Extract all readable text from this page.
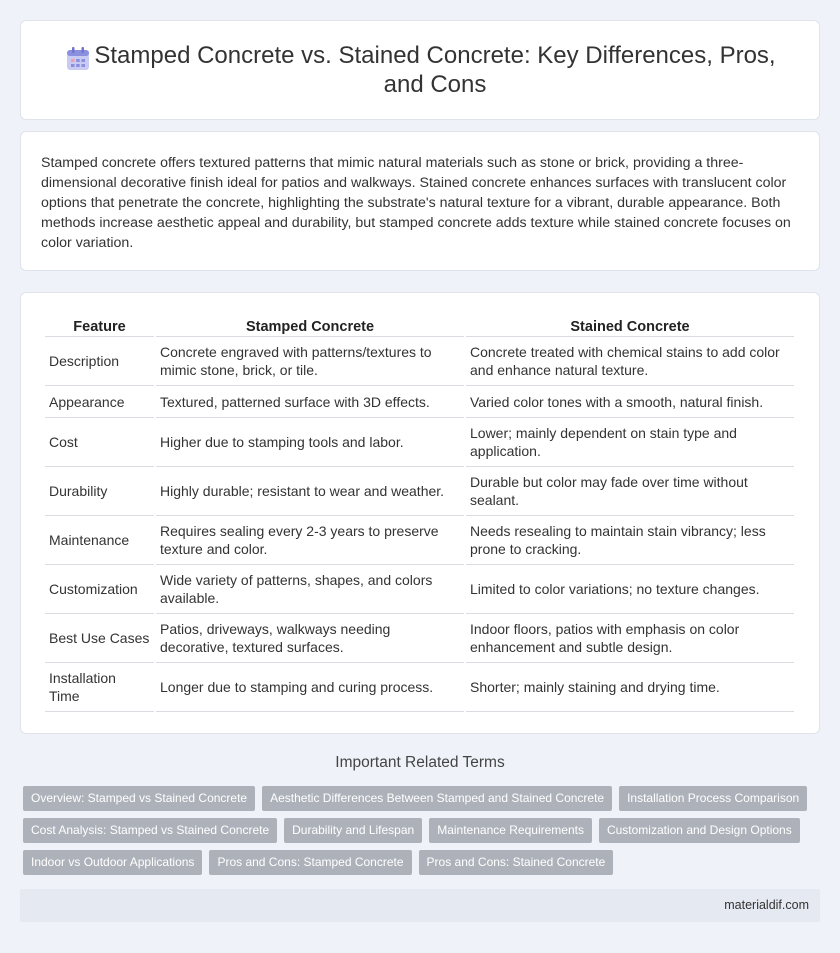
Stamped Concrete vs. Stained Concrete: Key Differences, Pros, and Cons

Stamped concrete offers textured patterns that mimic natural materials such as stone or brick, providing a three-dimensional decorative finish ideal for patios and walkways. Stained concrete enhances surfaces with translucent color options that penetrate the concrete, highlighting the substrate's natural texture for a vibrant, durable appearance. Both methods increase aesthetic appeal and durability, but stamped concrete adds texture while stained concrete focuses on color variation.

Feature	Stamped Concrete	Stained Concrete
Description	Concrete engraved with patterns/textures to mimic stone, brick, or tile.	Concrete treated with chemical stains to add color and enhance natural texture.
Appearance	Textured, patterned surface with 3D effects.	Varied color tones with a smooth, natural finish.
Cost	Higher due to stamping tools and labor.	Lower; mainly dependent on stain type and application.
Durability	Highly durable; resistant to wear and weather.	Durable but color may fade over time without sealant.
Maintenance	Requires sealing every 2-3 years to preserve texture and color.	Needs resealing to maintain stain vibrancy; less prone to cracking.
Customization	Wide variety of patterns, shapes, and colors available.	Limited to color variations; no texture changes.
Best Use Cases	Patios, driveways, walkways needing decorative, textured surfaces.	Indoor floors, patios with emphasis on color enhancement and subtle design.
Installation Time	Longer due to stamping and curing process.	Shorter; mainly staining and drying time.
Important Related Terms
Overview: Stamped vs Stained Concrete	Aesthetic Differences Between Stamped and Stained Concrete	Installation Process Comparison
Cost Analysis: Stamped vs Stained Concrete	Durability and Lifespan	Maintenance Requirements	Customization and Design Options
Indoor vs Outdoor Applications	Pros and Cons: Stamped Concrete	Pros and Cons: Stained Concrete
materialdif.com
